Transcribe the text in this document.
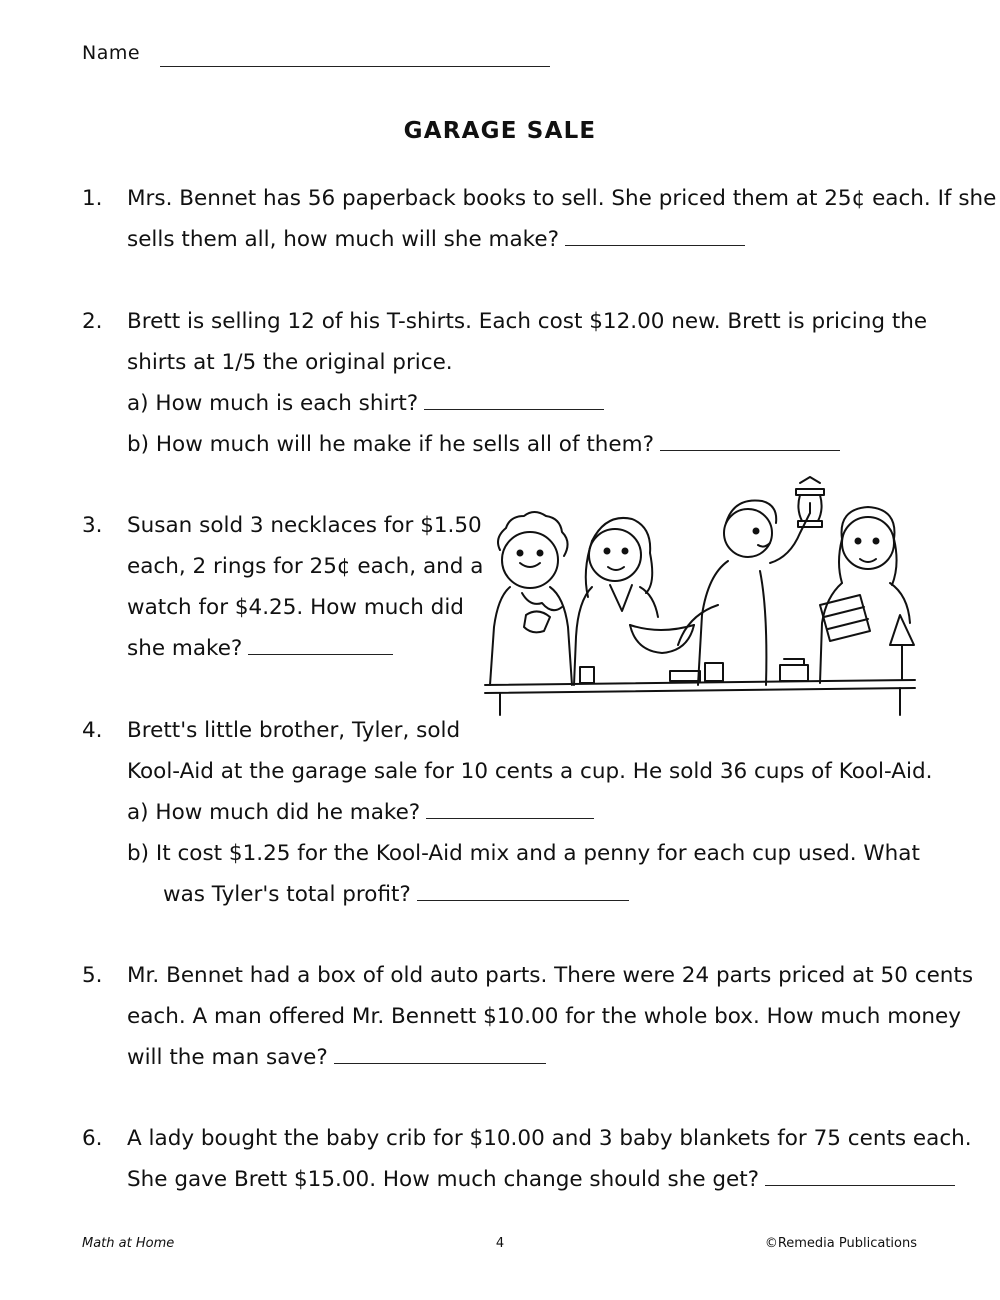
Name
GARAGE SALE
1. Mrs. Bennet has 56 paperback books to sell. She priced them at 25¢ each. If she
sells them all, how much will she make?
2. Brett is selling 12 of his T-shirts. Each cost $12.00 new. Brett is pricing the
shirts at 1/5 the original price.
a) How much is each shirt?
b) How much will he make if he sells all of them?
3. Susan sold 3 necklaces for $1.50
each, 2 rings for 25¢ each, and a
watch for $4.25. How much did
she make?
4. Brett's little brother, Tyler, sold
Kool-Aid at the garage sale for 10 cents a cup. He sold 36 cups of Kool-Aid.
a) How much did he make?
b) It cost $1.25 for the Kool-Aid mix and a penny for each cup used. What
was Tyler's total profit?
5. Mr. Bennet had a box of old auto parts. There were 24 parts priced at 50 cents
each. A man offered Mr. Bennett $10.00 for the whole box. How much money
will the man save?
6. A lady bought the baby crib for $10.00 and 3 baby blankets for 75 cents each.
She gave Brett $15.00. How much change should she get?
Math at Home	4	©Remedia Publications
